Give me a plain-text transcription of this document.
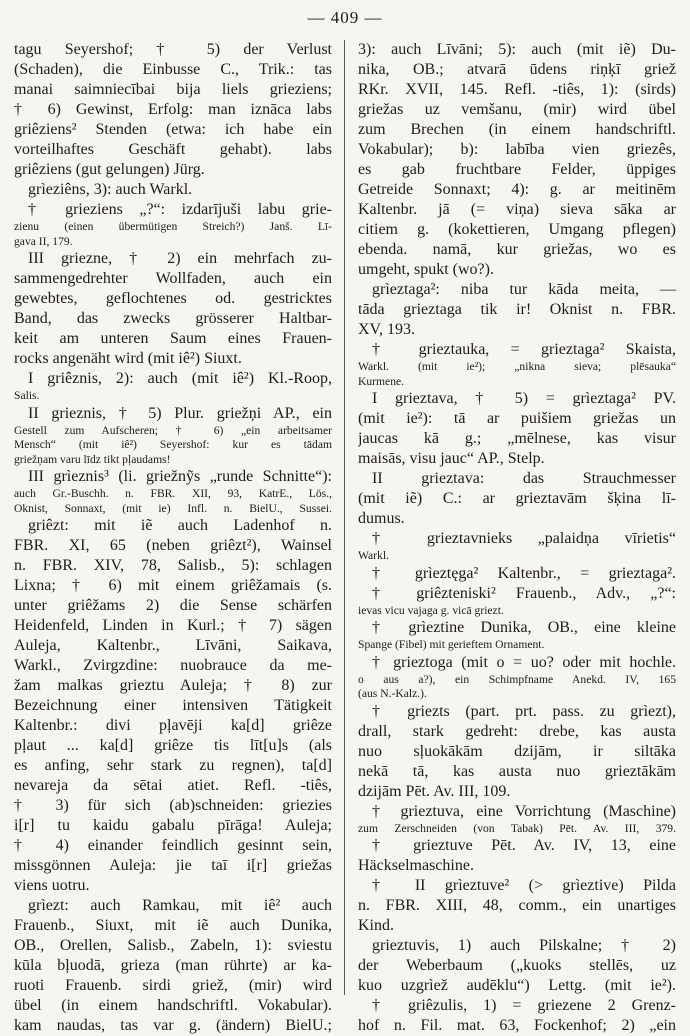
— 409 —
tagu Seyershof; † 5) der Verlust
(Schaden), die Einbusse C., Trik.: tas
manai saimniecībai bija liels grieziens;
† 6) Gewinst, Erfolg: man iznāca labs
griêziens² Stenden (etwa: ich habe ein
vorteilhaftes Geschäft gehabt). labs
griêziens (gut gelungen) Jürg.
grìeziêns, 3): auch Warkl.
† grieziens „?“: izdarījuši labu grie-
zienu (einen übermütigen Streich?) Janš. Lī-
gava II, 179.
III griezne, † 2) ein mehrfach zu-
sammengedrehter Wollfaden, auch ein
gewebtes, geflochtenes od. gestricktes
Band, das zwecks grösserer Haltbar-
keit am unteren Saum eines Frauen-
rocks angenäht wird (mit iê²) Siuxt.
I griêznis, 2): auch (mit iê²) Kl.-Roop,
Salis.
II grieznis, † 5) Plur. griežņi AP., ein
Gestell zum Aufscheren; † 6) „ein arbeitsamer
Mensch“ (mit iê²) Seyershof: kur es tādam
griežņam varu līdz tikt pļaudams!
III grìeznis³ (li. griežnỹs „runde Schnitte“):
auch Gr.-Buschh. n. FBR. XII, 93, KatrE., Lös.,
Oknist, Sonnaxt, (mit ie) Infl. n. BielU., Sussei.
griêzt: mit iẽ auch Ladenhof n.
FBR. XI, 65 (neben griêzt²), Wainsel
n. FBR. XIV, 78, Salisb., 5): schlagen
Lixna; † 6) mit einem griêžamais (s.
unter griêžams 2) die Sense schärfen
Heidenfeld, Linden in Kurl.; † 7) sägen
Auleja, Kaltenbr., Līvāni, Saikava,
Warkl., Zvirgzdine: nuobrauce da me-
žam malkas grieztu Auleja; † 8) zur
Bezeichnung einer intensiven Tätigkeit
Kaltenbr.: divi pļavēji ka[d] griêze
pļaut ... ka[d] griêze tis līt[u]s (als
es anfing, sehr stark zu regnen), ta[d]
nevareja da sētai atiet. Refl. -tiês,
† 3) für sich (ab)schneiden: griezies
i[r] tu kaidu gabalu pīrāga! Auleja;
† 4) einander feindlich gesinnt sein,
missgönnen Auleja: jie taī i[r] griežas
viens uotru.
grìezt: auch Ramkau, mit iê² auch
Frauenb., Siuxt, mit iẽ auch Dunika,
OB., Orellen, Salisb., Zabeln, 1): sviestu
kūla bļuodā, grieza (man rührte) ar ka-
ruoti Frauenb. sirdi griež, (mir) wird
übel (in einem handschriftl. Vokabular).
kam naudas, tas var g. (ändern) BielU.;
3): auch Līvāni; 5): auch (mit iẽ) Du-
nika, OB.; atvarā ūdens riņķī griež
RKr. XVII, 145. Refl. -tiês, 1): (sirds)
griežas uz vemšanu, (mir) wird übel
zum Brechen (in einem handschriftl.
Vokabular); b): labība vien griezês,
es gab fruchtbare Felder, üppiges
Getreide Sonnaxt; 4): g. ar meitinēm
Kaltenbr. jā (= viņa) sieva sāka ar
citiem g. (kokettieren, Umgang pflegen)
ebenda. namā, kur griežas, wo es
umgeht, spukt (wo?).
grìeztaga²: niba tur kāda meita, —
tāda grieztaga tik ir! Oknist n. FBR.
XV, 193.
† grieztauka, = grieztaga² Skaista,
Warkl. (mit ie²); „nikna sieva; plēsauka“
Kurmene.
I grieztava, † 5) = grìeztaga² PV.
(mit ie²): tā ar puišiem griežas un
jaucas kā g.; „mēlnese, kas visur
maisās, visu jauc“ AP., Stelp.
II grieztava: das Strauchmesser
(mit iẽ) C.: ar grieztavām šķina lī-
dumus.
† grieztavnieks „palaidņa vīrietis“
Warkl.
† grìeztęga² Kaltenbr., = grieztaga².
† griêzteniski² Frauenb., Adv., „?“:
ievas vicu vajaga g. vicā griezt.
† grìeztine Dunika, OB., eine kleine
Spange (Fibel) mit gerieftem Ornament.
† grieztoga (mit o = uo? oder mit hochle.
o aus a?), ein Schimpfname Anekd. IV, 165
(aus N.-Kalz.).
† griezts (part. prt. pass. zu grìezt),
drall, stark gedreht: drebe, kas austa
nuo sļuokākām dzijām, ir siltāka
nekā tā, kas austa nuo grieztākām
dzijām Pēt. Av. III, 109.
† grieztuva, eine Vorrichtung (Maschine)
zum Zerschneiden (von Tabak) Pēt. Av. III, 379.
† grieztuve Pēt. Av. IV, 13, eine
Häckselmaschine.
† II grìeztuve² (> grìeztive) Pilda
n. FBR. XIII, 48, comm., ein unartiges
Kind.
grieztuvis, 1) auch Pilskalne; † 2)
der Weberbaum („kuoks stellēs, uz
kuo uzgrìež audēklu“) Lettg. (mit ie²).
† griêzulis, 1) = griezene 2 Grenz-
hof n. Fil. mat. 63, Fockenhof; 2) „ein
